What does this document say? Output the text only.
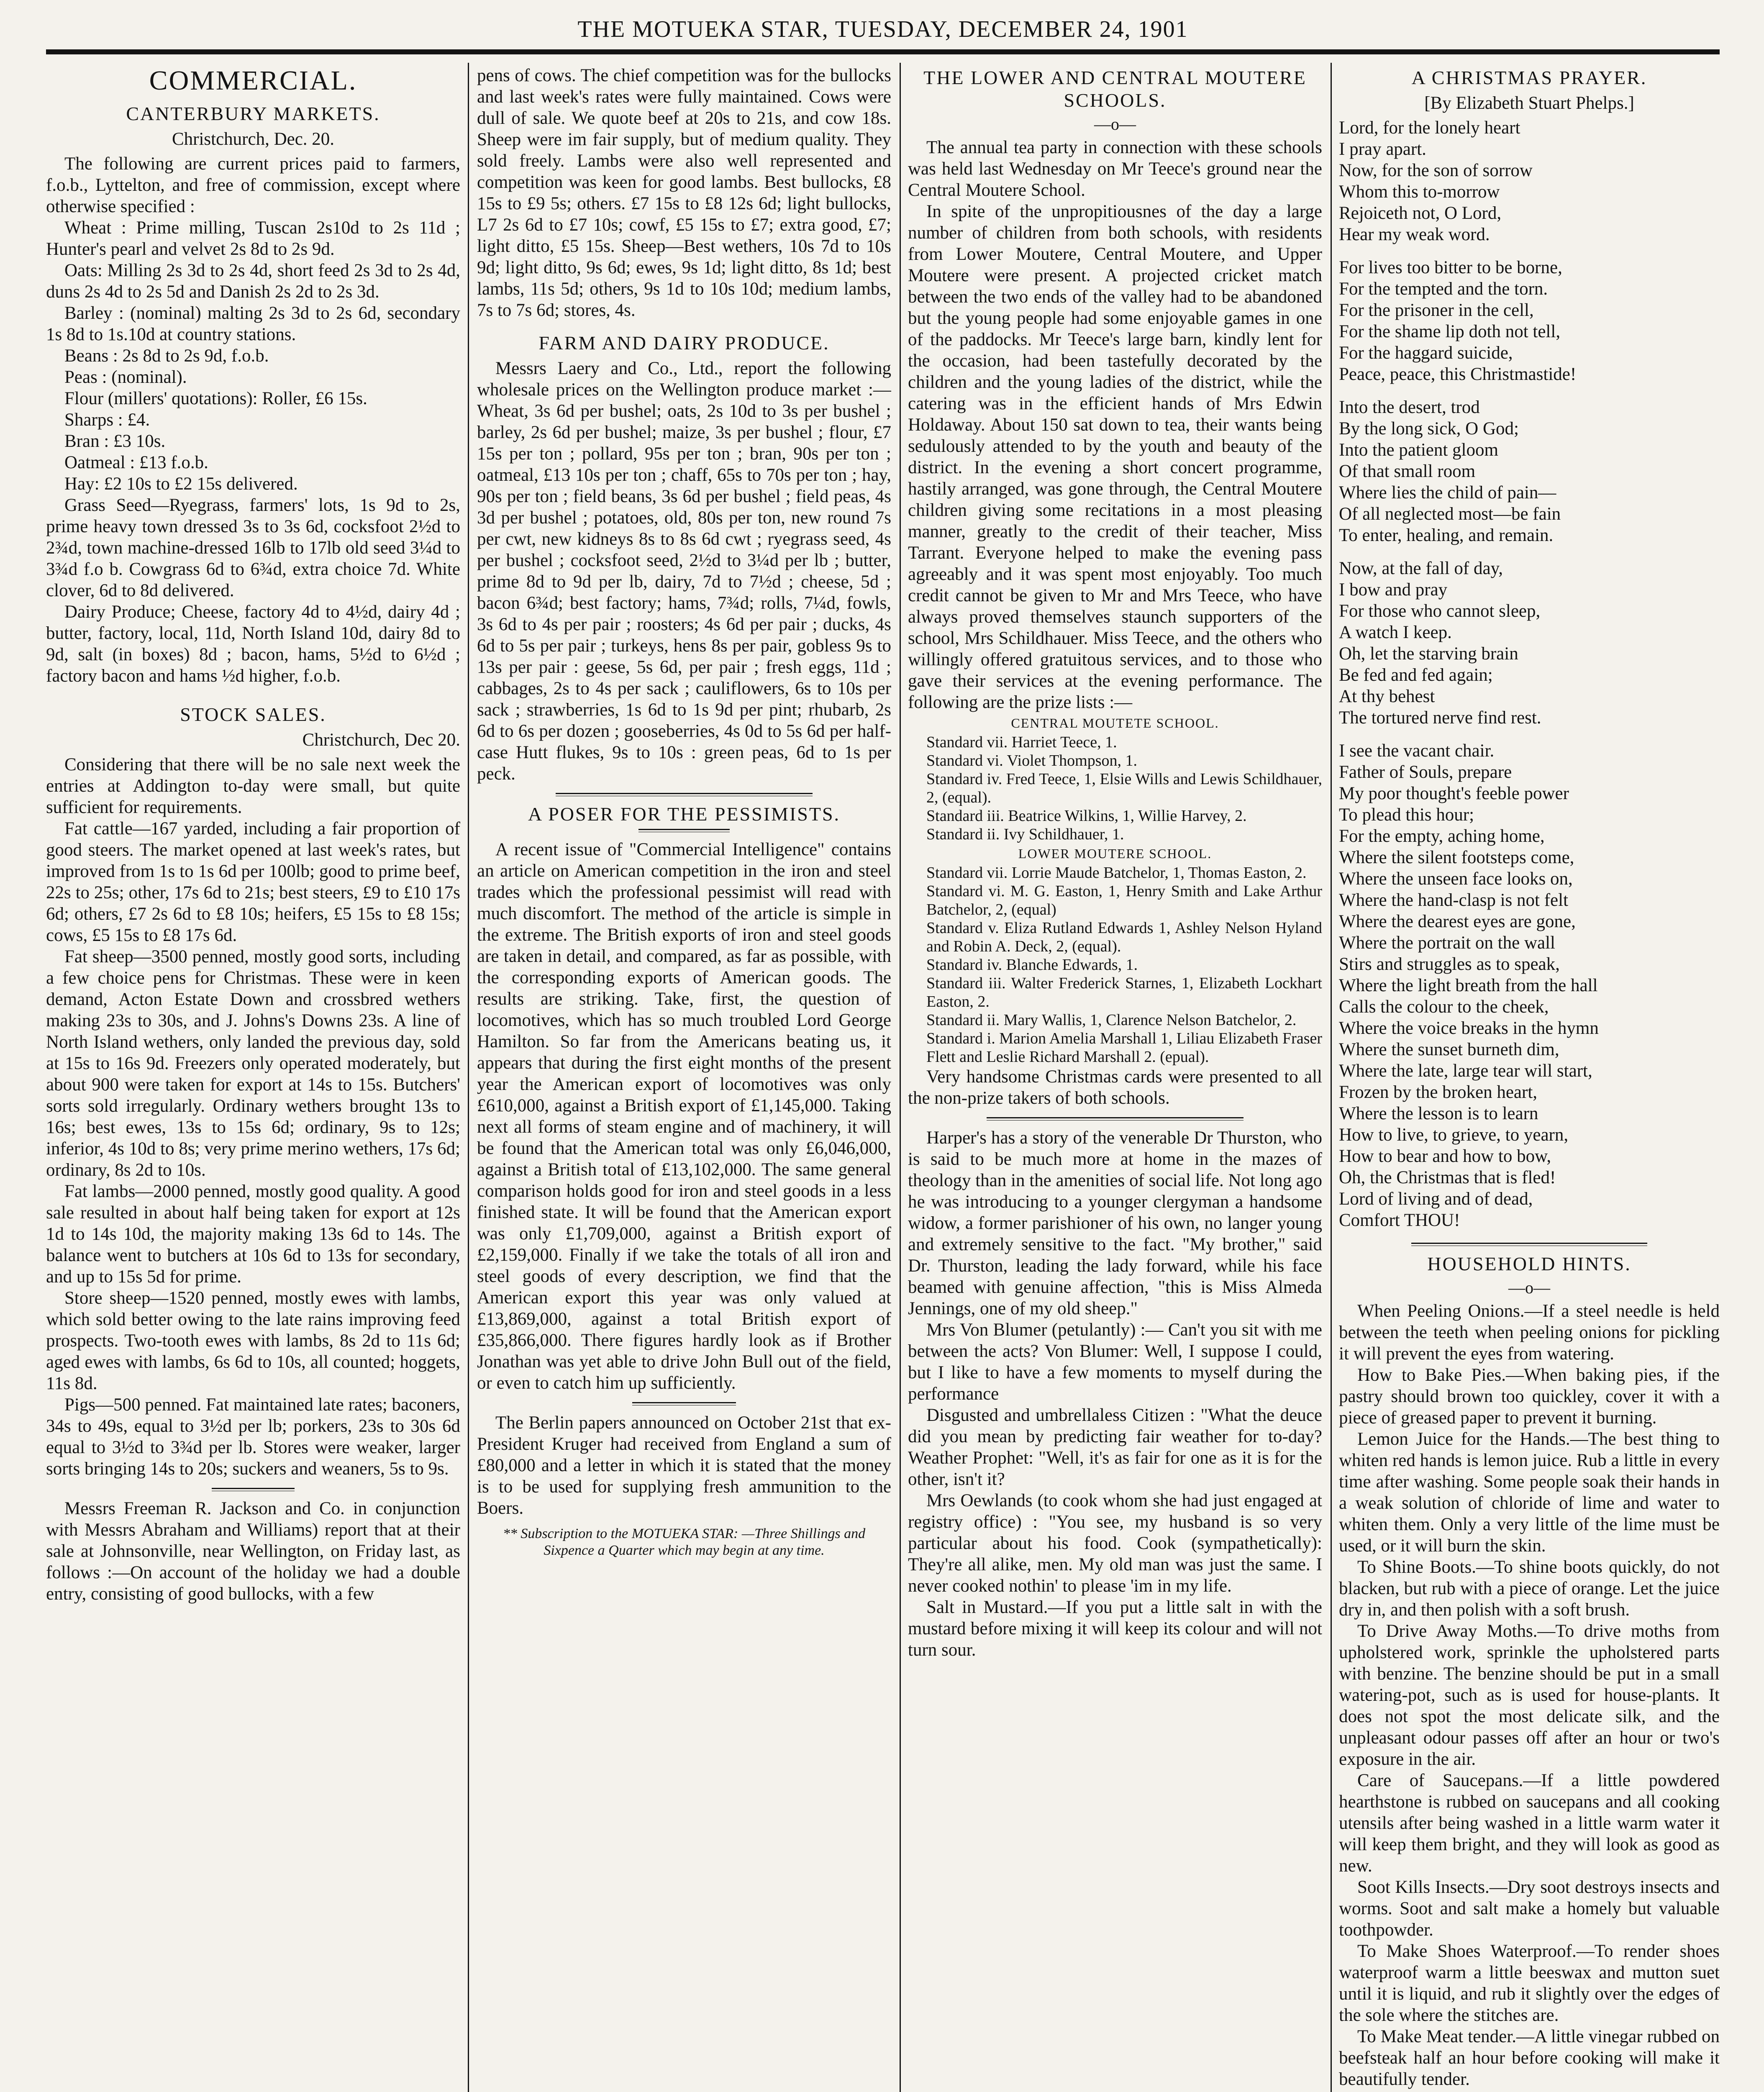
THE MOTUEKA STAR, TUESDAY, DECEMBER 24, 1901
COMMERCIAL.
CANTERBURY MARKETS.
Christchurch, Dec. 20.

The following are current prices paid to farmers, f.o.b., Lyttelton, and free of commission, except where otherwise specified :

Wheat : Prime milling, Tuscan 2s10d to 2s 11d ; Hunter's pearl and velvet 2s 8d to 2s 9d.

Oats: Milling 2s 3d to 2s 4d, short feed 2s 3d to 2s 4d, duns 2s 4d to 2s 5d and Danish 2s 2d to 2s 3d.

Barley : (nominal) malting 2s 3d to 2s 6d, secondary 1s 8d to 1s.10d at country stations.

Beans : 2s 8d to 2s 9d, f.o.b.

Peas : (nominal).

Flour (millers' quotations): Roller, £6 15s.

Sharps : £4.

Bran : £3 10s.

Oatmeal : £13 f.o.b.

Hay: £2 10s to £2 15s delivered.

Grass Seed—Ryegrass, farmers' lots, 1s 9d to 2s, prime heavy town dressed 3s to 3s 6d, cocksfoot 2½d to 2¾d, town machine-dressed 16lb to 17lb old seed 3¼d to 3¾d f.o b. Cowgrass 6d to 6¾d, extra choice 7d. White clover, 6d to 8d delivered.

Dairy Produce; Cheese, factory 4d to 4½d, dairy 4d ; butter, factory, local, 11d, North Island 10d, dairy 8d to 9d, salt (in boxes) 8d ; bacon, hams, 5½d to 6½d ; factory bacon and hams ½d higher, f.o.b.

STOCK SALES.
Christchurch, Dec 20.

Considering that there will be no sale next week the entries at Addington to-day were small, but quite sufficient for requirements.

Fat cattle—167 yarded, including a fair proportion of good steers. The market opened at last week's rates, but improved from 1s to 1s 6d per 100lb; good to prime beef, 22s to 25s; other, 17s 6d to 21s; best steers, £9 to £10 17s 6d; others, £7 2s 6d to £8 10s; heifers, £5 15s to £8 15s; cows, £5 15s to £8 17s 6d.

Fat sheep—3500 penned, mostly good sorts, including a few choice pens for Christmas. These were in keen demand, Acton Estate Down and crossbred wethers making 23s to 30s, and J. Johns's Downs 23s. A line of North Island wethers, only landed the previous day, sold at 15s to 16s 9d. Freezers only operated moderately, but about 900 were taken for export at 14s to 15s. Butchers' sorts sold irregularly. Ordinary wethers brought 13s to 16s; best ewes, 13s to 15s 6d; ordinary, 9s to 12s; inferior, 4s 10d to 8s; very prime merino wethers, 17s 6d; ordinary, 8s 2d to 10s.

Fat lambs—2000 penned, mostly good quality. A good sale resulted in about half being taken for export at 12s 1d to 14s 10d, the majority making 13s 6d to 14s. The balance went to butchers at 10s 6d to 13s for secondary, and up to 15s 5d for prime.

Store sheep—1520 penned, mostly ewes with lambs, which sold better owing to the late rains improving feed prospects. Two-tooth ewes with lambs, 8s 2d to 11s 6d; aged ewes with lambs, 6s 6d to 10s, all counted; hoggets, 11s 8d.

Pigs—500 penned. Fat maintained late rates; baconers, 34s to 49s, equal to 3½d per lb; porkers, 23s to 30s 6d equal to 3½d to 3¾d per lb. Stores were weaker, larger sorts bringing 14s to 20s; suckers and weaners, 5s to 9s.

Messrs Freeman R. Jackson and Co. in conjunction with Messrs Abraham and Williams) report that at their sale at Johnsonville, near Wellington, on Friday last, as follows :—On account of the holiday we had a double entry, consisting of good bullocks, with a few

pens of cows. The chief competition was for the bullocks and last week's rates were fully maintained. Cows were dull of sale. We quote beef at 20s to 21s, and cow 18s. Sheep were im fair supply, but of medium quality. They sold freely. Lambs were also well represented and competition was keen for good lambs. Best bullocks, £8 15s to £9 5s; others. £7 15s to £8 12s 6d; light bullocks, L7 2s 6d to £7 10s; cowf, £5 15s to £7; extra good, £7; light ditto, £5 15s. Sheep—Best wethers, 10s 7d to 10s 9d; light ditto, 9s 6d; ewes, 9s 1d; light ditto, 8s 1d; best lambs, 11s 5d; others, 9s 1d to 10s 10d; medium lambs, 7s to 7s 6d; stores, 4s.

FARM AND DAIRY PRODUCE.

Messrs Laery and Co., Ltd., report the following wholesale prices on the Wellington produce market :—Wheat, 3s 6d per bushel; oats, 2s 10d to 3s per bushel ; barley, 2s 6d per bushel; maize, 3s per bushel ; flour, £7 15s per ton ; pollard, 95s per ton ; bran, 90s per ton ; oatmeal, £13 10s per ton ; chaff, 65s to 70s per ton ; hay, 90s per ton ; field beans, 3s 6d per bushel ; field peas, 4s 3d per bushel ; potatoes, old, 80s per ton, new round 7s per cwt, new kidneys 8s to 8s 6d cwt ; ryegrass seed, 4s per bushel ; cocksfoot seed, 2½d to 3¼d per lb ; butter, prime 8d to 9d per lb, dairy, 7d to 7½d ; cheese, 5d ; bacon 6¾d; best factory; hams, 7¾d; rolls, 7¼d, fowls, 3s 6d to 4s per pair ; roosters; 4s 6d per pair ; ducks, 4s 6d to 5s per pair ; turkeys, hens 8s per pair, gobless 9s to 13s per pair : geese, 5s 6d, per pair ; fresh eggs, 11d ; cabbages, 2s to 4s per sack ; cauliflowers, 6s to 10s per sack ; strawberries, 1s 6d to 1s 9d per pint; rhubarb, 2s 6d to 6s per dozen ; gooseberries, 4s 0d to 5s 6d per half-case Hutt flukes, 9s to 10s : green peas, 6d to 1s per peck.

A POSER FOR THE PESSIMISTS.

A recent issue of "Commercial Intelligence" contains an article on American competition in the iron and steel trades which the professional pessimist will read with much discomfort. The method of the article is simple in the extreme. The British exports of iron and steel goods are taken in detail, and compared, as far as possible, with the corresponding exports of American goods. The results are striking. Take, first, the question of locomotives, which has so much troubled Lord George Hamilton. So far from the Americans beating us, it appears that during the first eight months of the present year the American export of locomotives was only £610,000, against a British export of £1,145,000. Taking next all forms of steam engine and of machinery, it will be found that the American total was only £6,046,000, against a British total of £13,102,000. The same general comparison holds good for iron and steel goods in a less finished state. It will be found that the American export was only £1,709,000, against a British export of £2,159,000. Finally if we take the totals of all iron and steel goods of every description, we find that the American export this year was only valued at £13,869,000, against a total British export of £35,866,000. There figures hardly look as if Brother Jonathan was yet able to drive John Bull out of the field, or even to catch him up sufficiently.

The Berlin papers announced on October 21st that ex-President Kruger had received from England a sum of £80,000 and a letter in which it is stated that the money is to be used for supplying fresh ammunition to the Boers.

** Subscription to the MOTUEKA STAR: —Three Shillings and Sixpence a Quarter which may begin at any time.
THE LOWER AND CENTRAL MOUTERE SCHOOLS.
—o—

The annual tea party in connection with these schools was held last Wednesday on Mr Teece's ground near the Central Moutere School.

In spite of the unpropitiousnes of the day a large number of children from both schools, with residents from Lower Moutere, Central Moutere, and Upper Moutere were present. A projected cricket match between the two ends of the valley had to be abandoned but the young people had some enjoyable games in one of the paddocks. Mr Teece's large barn, kindly lent for the occasion, had been tastefully decorated by the children and the young ladies of the district, while the catering was in the efficient hands of Mrs Edwin Holdaway. About 150 sat down to tea, their wants being sedulously attended to by the youth and beauty of the district. In the evening a short concert programme, hastily arranged, was gone through, the Central Moutere children giving some recitations in a most pleasing manner, greatly to the credit of their teacher, Miss Tarrant. Everyone helped to make the evening pass agreeably and it was spent most enjoyably. Too much credit cannot be given to Mr and Mrs Teece, who have always proved themselves staunch supporters of the school, Mrs Schildhauer. Miss Teece, and the others who willingly offered gratuitous services, and to those who gave their services at the evening performance. The following are the prize lists :—

CENTRAL MOUTETE SCHOOL.

Standard vii. Harriet Teece, 1.

Standard vi. Violet Thompson, 1.

Standard iv. Fred Teece, 1, Elsie Wills and Lewis Schildhauer, 2, (equal).

Standard iii. Beatrice Wilkins, 1, Willie Harvey, 2.

Standard ii. Ivy Schildhauer, 1.

LOWER MOUTERE SCHOOL.

Standard vii. Lorrie Maude Batchelor, 1, Thomas Easton, 2.

Standard vi. M. G. Easton, 1, Henry Smith and Lake Arthur Batchelor, 2, (equal)

Standard v. Eliza Rutland Edwards 1, Ashley Nelson Hyland and Robin A. Deck, 2, (equal).

Standard iv. Blanche Edwards, 1.

Standard iii. Walter Frederick Starnes, 1, Elizabeth Lockhart Easton, 2.

Standard ii. Mary Wallis, 1, Clarence Nelson Batchelor, 2.

Standard i. Marion Amelia Marshall 1, Liliau Elizabeth Fraser Flett and Leslie Richard Marshall 2. (epual).

Very handsome Christmas cards were presented to all the non-prize takers of both schools.

Harper's has a story of the venerable Dr Thurston, who is said to be much more at home in the mazes of theology than in the amenities of social life. Not long ago he was introducing to a younger clergyman a handsome widow, a former parishioner of his own, no langer young and extremely sensitive to the fact. "My brother," said Dr. Thurston, leading the lady forward, while his face beamed with genuine affection, "this is Miss Almeda Jennings, one of my old sheep."

Mrs Von Blumer (petulantly) :— Can't you sit with me between the acts? Von Blumer: Well, I suppose I could, but I like to have a few moments to myself during the performance

Disgusted and umbrellaless Citizen : "What the deuce did you mean by predicting fair weather for to-day? Weather Prophet: "Well, it's as fair for one as it is for the other, isn't it?

Mrs Oewlands (to cook whom she had just engaged at registry office) : "You see, my husband is so very particular about his food. Cook (sympathetically): They're all alike, men. My old man was just the same. I never cooked nothin' to please 'im in my life.

Salt in Mustard.—If you put a little salt in with the mustard before mixing it will keep its colour and will not turn sour.

A CHRISTMAS PRAYER.
[By Elizabeth Stuart Phelps.]
Lord, for the lonely heart
I pray apart.
Now, for the son of sorrow
Whom this to-morrow
Rejoiceth not, O Lord,
Hear my weak word.
For lives too bitter to be borne,
For the tempted and the torn.
For the prisoner in the cell,
For the shame lip doth not tell,
For the haggard suicide,
Peace, peace, this Christmastide!
Into the desert, trod
By the long sick, O God;
Into the patient gloom
Of that small room
Where lies the child of pain—
Of all neglected most—be fain
To enter, healing, and remain.
Now, at the fall of day,
I bow and pray
For those who cannot sleep,
A watch I keep.
Oh, let the starving brain
Be fed and fed again;
At thy behest
The tortured nerve find rest.
I see the vacant chair.
Father of Souls, prepare
My poor thought's feeble power
To plead this hour;
For the empty, aching home,
Where the silent footsteps come,
Where the unseen face looks on,
Where the hand-clasp is not felt
Where the dearest eyes are gone,
Where the portrait on the wall
Stirs and struggles as to speak,
Where the light breath from the hall
Calls the colour to the cheek,
Where the voice breaks in the hymn
Where the sunset burneth dim,
Where the late, large tear will start,
Frozen by the broken heart,
Where the lesson is to learn
How to live, to grieve, to yearn,
How to bear and how to bow,
Oh, the Christmas that is fled!
Lord of living and of dead,
Comfort THOU!
HOUSEHOLD HINTS.
—o—

When Peeling Onions.—If a steel needle is held between the teeth when peeling onions for pickling it will prevent the eyes from watering.

How to Bake Pies.—When baking pies, if the pastry should brown too quickley, cover it with a piece of greased paper to prevent it burning.

Lemon Juice for the Hands.—The best thing to whiten red hands is lemon juice. Rub a little in every time after washing. Some people soak their hands in a weak solution of chloride of lime and water to whiten them. Only a very little of the lime must be used, or it will burn the skin.

To Shine Boots.—To shine boots quickly, do not blacken, but rub with a piece of orange. Let the juice dry in, and then polish with a soft brush.

To Drive Away Moths.—To drive moths from upholstered work, sprinkle the upholstered parts with benzine. The benzine should be put in a small watering-pot, such as is used for house-plants. It does not spot the most delicate silk, and the unpleasant odour passes off after an hour or two's exposure in the air.

Care of Saucepans.—If a little powdered hearthstone is rubbed on saucepans and all cooking utensils after being washed in a little warm water it will keep them bright, and they will look as good as new.

Soot Kills Insects.—Dry soot destroys insects and worms. Soot and salt make a homely but valuable toothpowder.

To Make Shoes Waterproof.—To render shoes waterproof warm a little beeswax and mutton suet until it is liquid, and rub it slightly over the edges of the sole where the stitches are.

To Make Meat tender.—A little vinegar rubbed on beefsteak half an hour before cooking will make it beautifully tender.
